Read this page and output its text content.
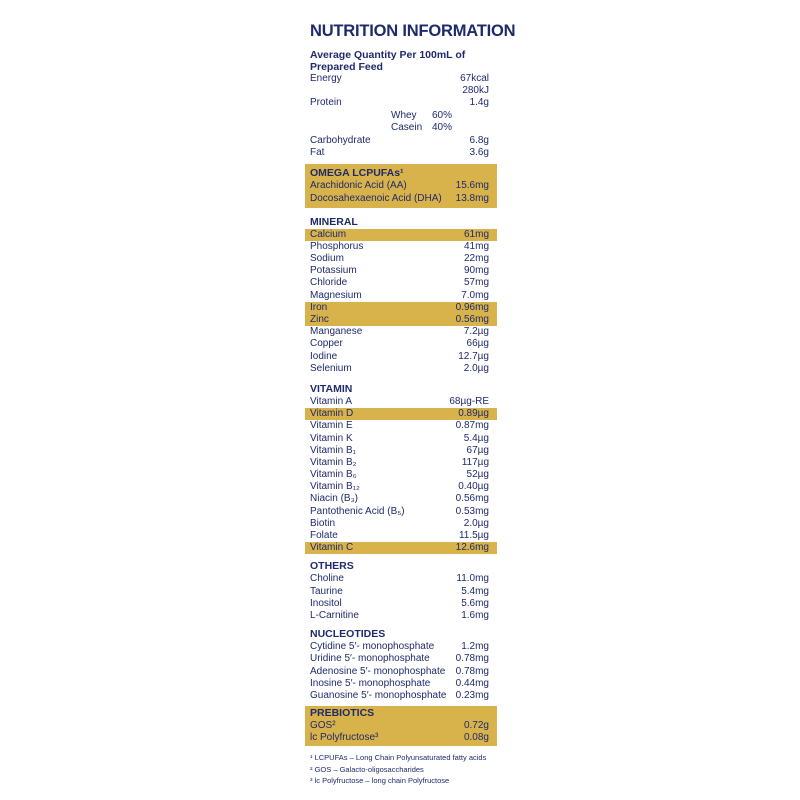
NUTRITION INFORMATION
Average Quantity Per 100mL of Prepared Feed
Energy	67kcal
280kJ
Protein	1.4g
Whey 60%
Casein 40%
Carbohydrate	6.8g
Fat	3.6g
OMEGA LCPUFAs¹
Arachidonic Acid (AA)	15.6mg
Docosahexaenoic Acid (DHA) 13.8mg
MINERAL
Calcium	61mg
Phosphorus	41mg
Sodium	22mg
Potassium	90mg
Chloride	57mg
Magnesium	7.0mg
Iron	0.96mg
Zinc	0.56mg
Manganese	7.2µg
Copper	66µg
Iodine	12.7µg
Selenium	2.0µg
VITAMIN
Vitamin A	68µg-RE
Vitamin D	0.89µg
Vitamin E	0.87mg
Vitamin K	5.4µg
Vitamin B₁	67µg
Vitamin B₂	117µg
Vitamin B₆	52µg
Vitamin B₁₂	0.40µg
Niacin (B₃)	0.56mg
Pantothenic Acid (B₅)	0.53mg
Biotin	2.0µg
Folate	11.5µg
Vitamin C	12.6mg
OTHERS
Choline	11.0mg
Taurine	5.4mg
Inositol	5.6mg
L-Carnitine	1.6mg
NUCLEOTIDES
Cytidine 5′- monophosphate	1.2mg
Uridine 5′- monophosphate	0.78mg
Adenosine 5′- monophosphate 0.78mg
Inosine 5′- monophosphate	0.44mg
Guanosine 5′- monophosphate 0.23mg
PREBIOTICS
GOS²	0.72g
lc Polyfructose³	0.08g
¹ LCPUFAs – Long Chain Polyunsaturated fatty acids
² GOS – Galacto-oligosaccharides
³ lc Polyfructose – long chain Polyfructose
